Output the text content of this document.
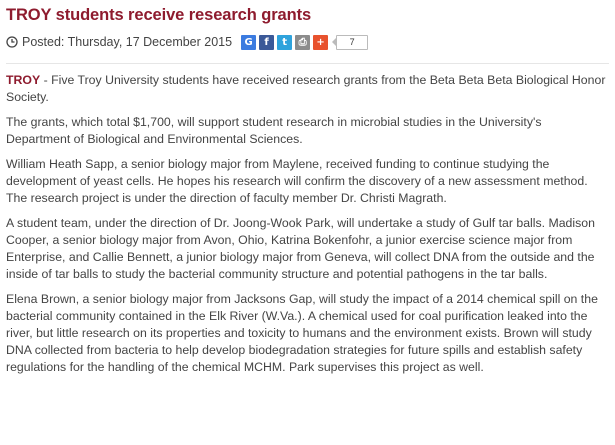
TROY students receive research grants
Posted: Thursday, 17 December 2015 G f t ⎙ +	7

TROY - Five Troy University students have received research grants from the Beta Beta Beta Biological Honor Society.

The grants, which total $1,700, will support student research in microbial studies in the University's Department of Biological and Environmental Sciences.

William Heath Sapp, a senior biology major from Maylene, received funding to continue studying the development of yeast cells. He hopes his research will confirm the discovery of a new assessment method. The research project is under the direction of faculty member Dr. Christi Magrath.

A student team, under the direction of Dr. Joong-Wook Park, will undertake a study of Gulf tar balls. Madison Cooper, a senior biology major from Avon, Ohio, Katrina Bokenfohr, a junior exercise science major from Enterprise, and Callie Bennett, a junior biology major from Geneva, will collect DNA from the outside and the inside of tar balls to study the bacterial community structure and potential pathogens in the tar balls.

Elena Brown, a senior biology major from Jacksons Gap, will study the impact of a 2014 chemical spill on the bacterial community contained in the Elk River (W.Va.). A chemical used for coal purification leaked into the river, but little research on its properties and toxicity to humans and the environment exists. Brown will study DNA collected from bacteria to help develop biodegradation strategies for future spills and establish safety regulations for the handling of the chemical MCHM. Park supervises this project as well.
